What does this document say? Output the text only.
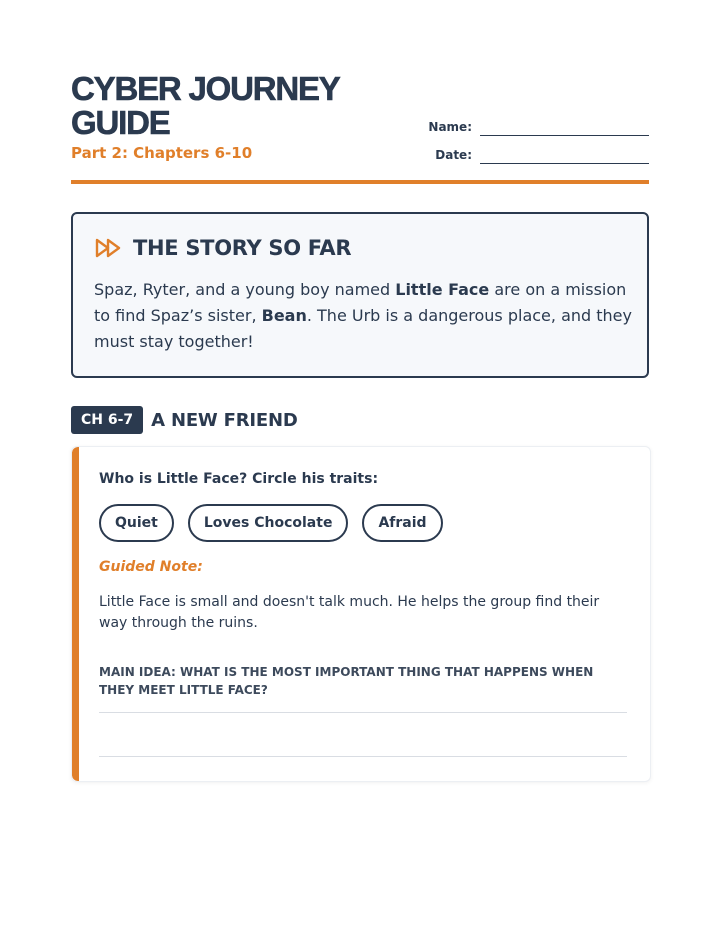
CYBER JOURNEY
GUIDE
Part 2: Chapters 6-10
Name:
Date:
THE STORY SO FAR

Spaz, Ryter, and a young boy named Little Face are on a mission to find Spaz’s sister, Bean. The Urb is a dangerous place, and they must stay together!

CH 6-7	A NEW FRIEND
Who is Little Face? Circle his traits:
Quiet	Loves Chocolate	Afraid
Guided Note:

Little Face is small and doesn't talk much. He helps the group find their way through the ruins.

MAIN IDEA: WHAT IS THE MOST IMPORTANT THING THAT HAPPENS WHEN THEY MEET LITTLE FACE?
